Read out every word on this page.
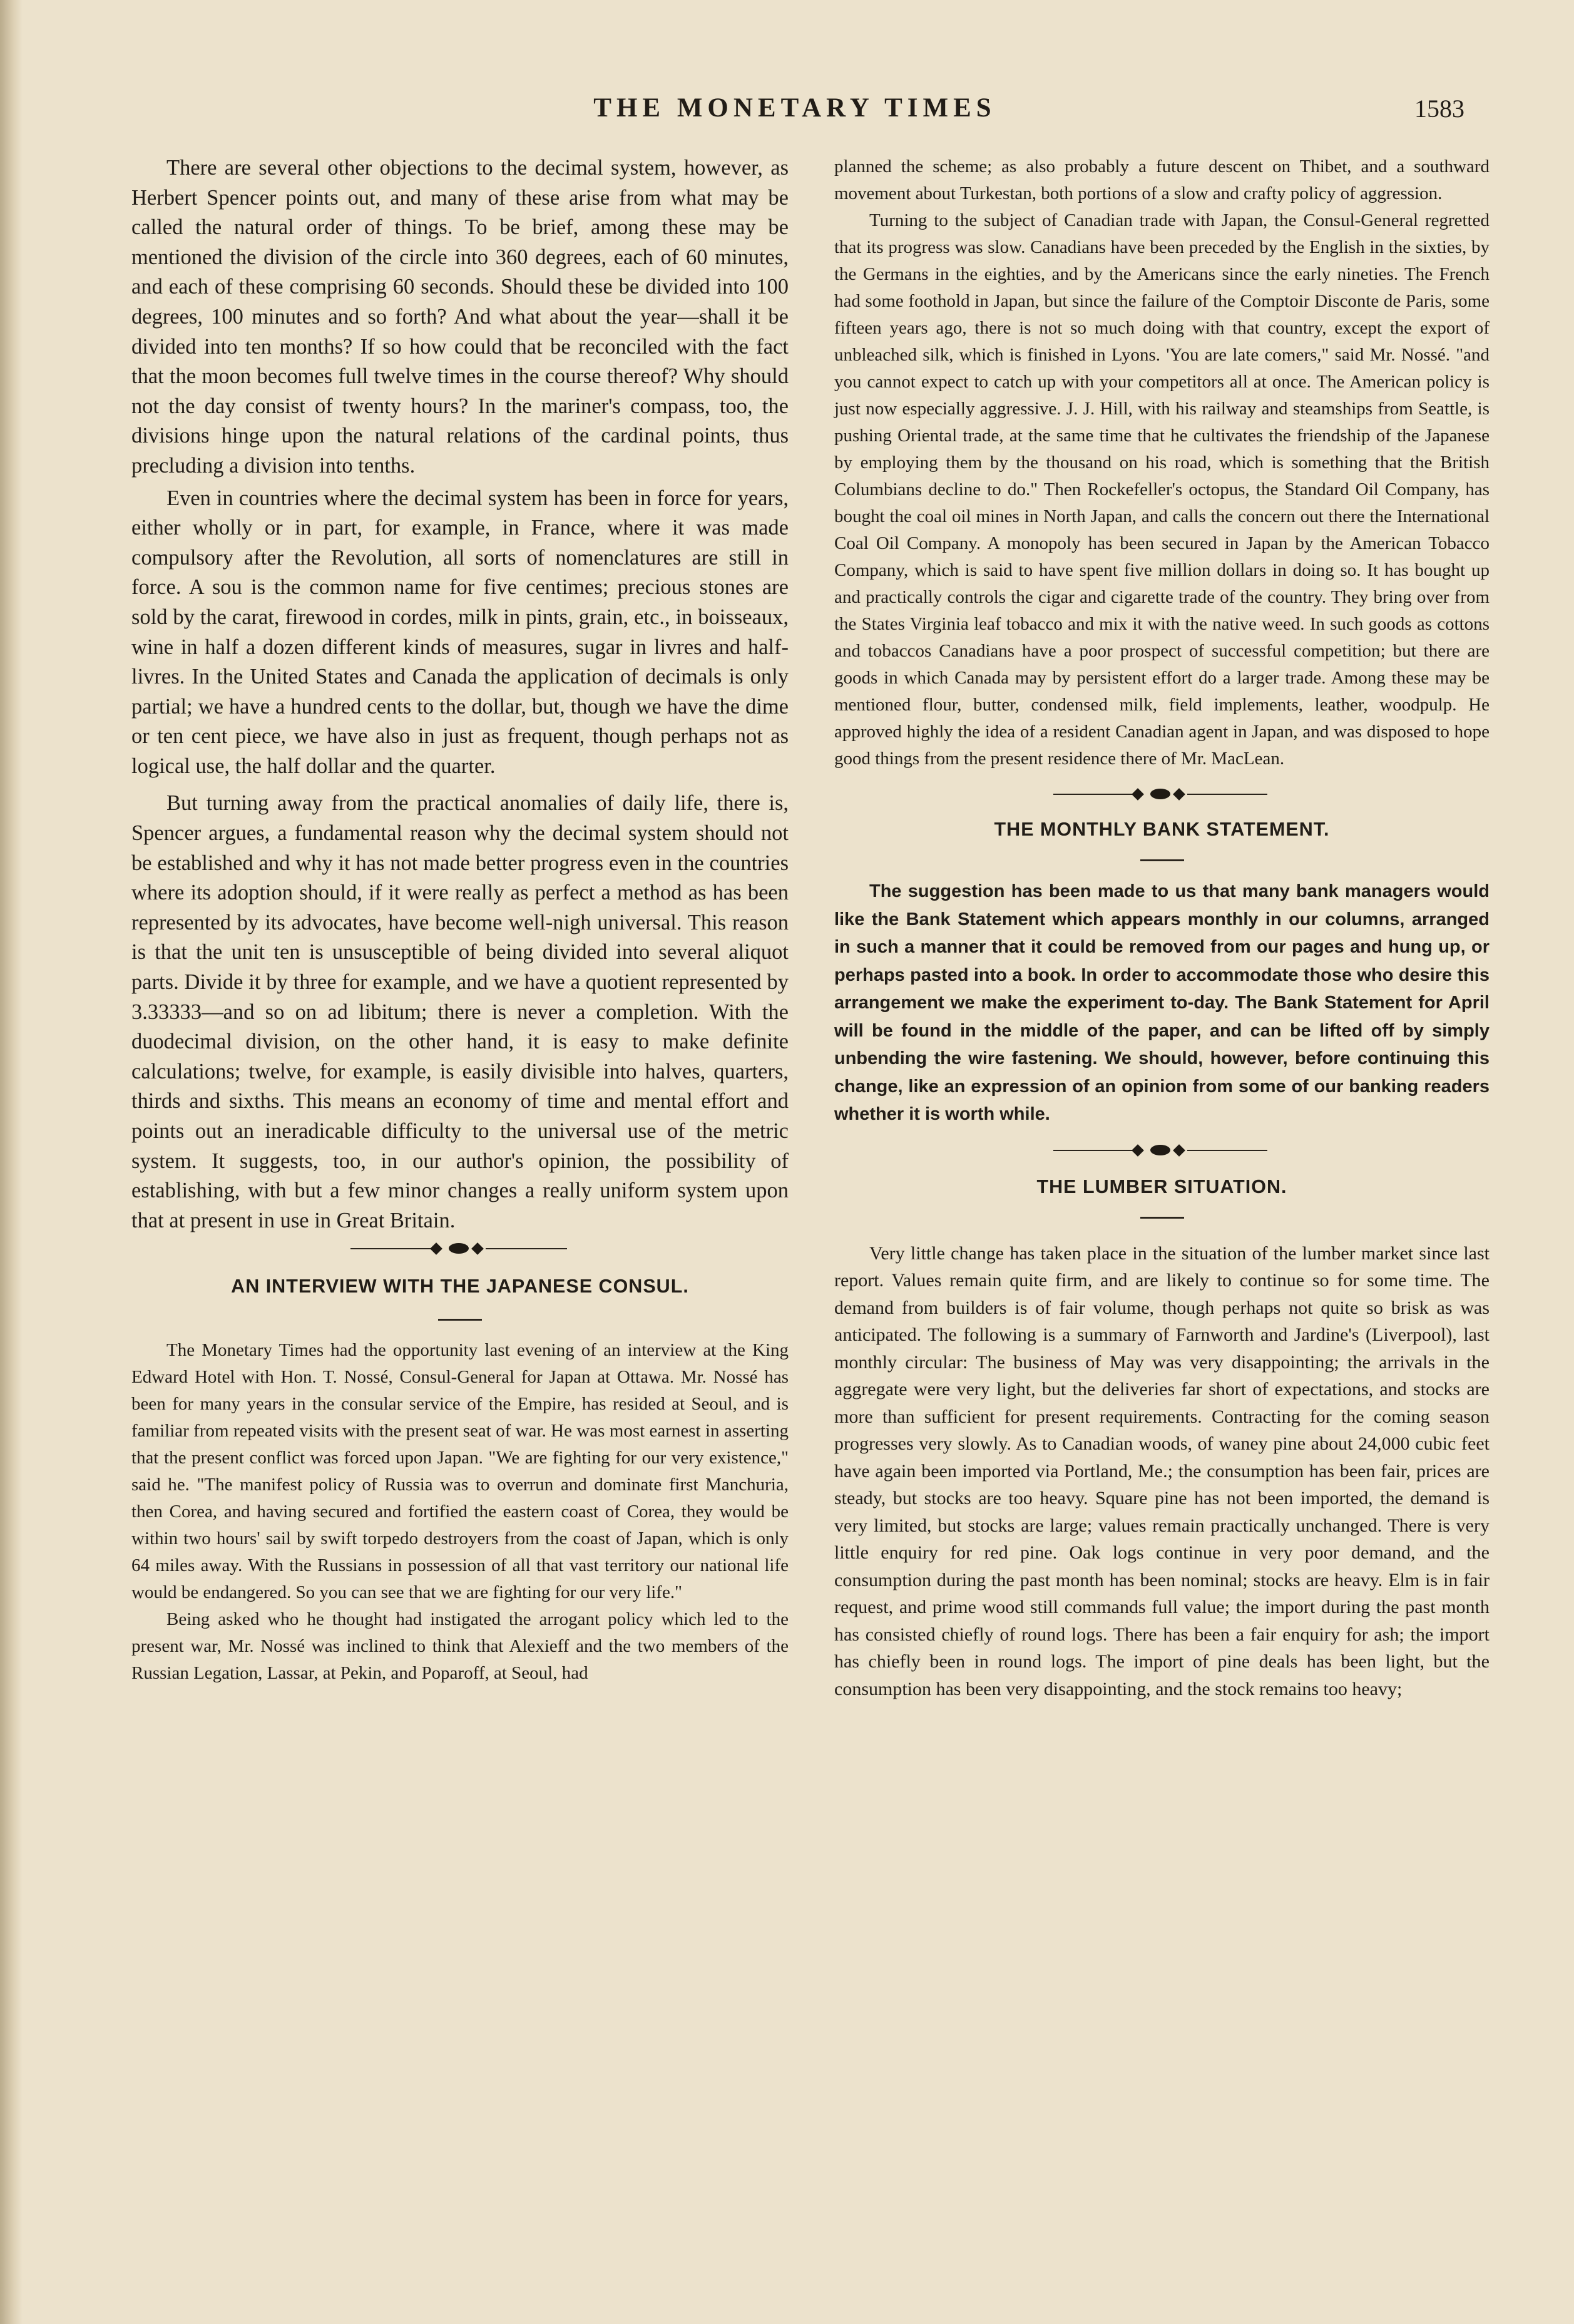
THE MONETARY TIMES	1583

There are several other objections to the decimal system, however, as Herbert Spencer points out, and many of these arise from what may be called the natural order of things. To be brief, among these may be mentioned the division of the circle into 360 degrees, each of 60 minutes, and each of these comprising 60 seconds. Should these be divided into 100 degrees, 100 minutes and so forth? And what about the year—shall it be divided into ten months? If so how could that be reconciled with the fact that the moon becomes full twelve times in the course thereof? Why should not the day consist of twenty hours? In the mariner's compass, too, the divisions hinge upon the natural relations of the cardinal points, thus precluding a division into tenths.

Even in countries where the decimal system has been in force for years, either wholly or in part, for example, in France, where it was made compulsory after the Revolution, all sorts of nomenclatures are still in force. A sou is the common name for five centimes; precious stones are sold by the carat, firewood in cordes, milk in pints, grain, etc., in boisseaux, wine in half a dozen different kinds of measures, sugar in livres and half-livres. In the United States and Canada the application of decimals is only partial; we have a hundred cents to the dollar, but, though we have the dime or ten cent piece, we have also in just as frequent, though perhaps not as logical use, the half dollar and the quarter.

But turning away from the practical anomalies of daily life, there is, Spencer argues, a fundamental reason why the decimal system should not be established and why it has not made better progress even in the countries where its adoption should, if it were really as perfect a method as has been represented by its advocates, have become well-nigh universal. This reason is that the unit ten is unsusceptible of being divided into several aliquot parts. Divide it by three for example, and we have a quotient represented by 3.33333—and so on ad libitum; there is never a completion. With the duodecimal division, on the other hand, it is easy to make definite calculations; twelve, for example, is easily divisible into halves, quarters, thirds and sixths. This means an economy of time and mental effort and points out an ineradicable difficulty to the universal use of the metric system. It suggests, too, in our author's opinion, the possibility of establishing, with but a few minor changes a really uniform system upon that at present in use in Great Britain.

AN INTERVIEW WITH THE JAPANESE CONSUL.

The Monetary Times had the opportunity last evening of an interview at the King Edward Hotel with Hon. T. Nossé, Consul-General for Japan at Ottawa. Mr. Nossé has been for many years in the consular service of the Empire, has resided at Seoul, and is familiar from repeated visits with the present seat of war. He was most earnest in asserting that the present conflict was forced upon Japan. "We are fighting for our very existence," said he. "The manifest policy of Russia was to overrun and dominate first Manchuria, then Corea, and having secured and fortified the eastern coast of Corea, they would be within two hours' sail by swift torpedo destroyers from the coast of Japan, which is only 64 miles away. With the Russians in possession of all that vast territory our national life would be endangered. So you can see that we are fighting for our very life."

Being asked who he thought had instigated the arrogant policy which led to the present war, Mr. Nossé was inclined to think that Alexieff and the two members of the Russian Legation, Lassar, at Pekin, and Poparoff, at Seoul, had

planned the scheme; as also probably a future descent on Thibet, and a southward movement about Turkestan, both portions of a slow and crafty policy of aggression.

Turning to the subject of Canadian trade with Japan, the Consul-General regretted that its progress was slow. Canadians have been preceded by the English in the sixties, by the Germans in the eighties, and by the Americans since the early nineties. The French had some foothold in Japan, but since the failure of the Comptoir Disconte de Paris, some fifteen years ago, there is not so much doing with that country, except the export of unbleached silk, which is finished in Lyons. 'You are late comers," said Mr. Nossé. "and you cannot expect to catch up with your competitors all at once. The American policy is just now especially aggressive. J. J. Hill, with his railway and steamships from Seattle, is pushing Oriental trade, at the same time that he cultivates the friendship of the Japanese by employing them by the thousand on his road, which is something that the British Columbians decline to do." Then Rockefeller's octopus, the Standard Oil Company, has bought the coal oil mines in North Japan, and calls the concern out there the International Coal Oil Company. A monopoly has been secured in Japan by the American Tobacco Company, which is said to have spent five million dollars in doing so. It has bought up and practically controls the cigar and cigarette trade of the country. They bring over from the States Virginia leaf tobacco and mix it with the native weed. In such goods as cottons and tobaccos Canadians have a poor prospect of successful competition; but there are goods in which Canada may by persistent effort do a larger trade. Among these may be mentioned flour, butter, condensed milk, field implements, leather, woodpulp. He approved highly the idea of a resident Canadian agent in Japan, and was disposed to hope good things from the present residence there of Mr. MacLean.

THE MONTHLY BANK STATEMENT.

The suggestion has been made to us that many bank managers would like the Bank Statement which appears monthly in our columns, arranged in such a manner that it could be removed from our pages and hung up, or perhaps pasted into a book. In order to accommodate those who desire this arrangement we make the experiment to-day. The Bank Statement for April will be found in the middle of the paper, and can be lifted off by simply unbending the wire fastening. We should, however, before continuing this change, like an expression of an opinion from some of our banking readers whether it is worth while.

THE LUMBER SITUATION.

Very little change has taken place in the situation of the lumber market since last report. Values remain quite firm, and are likely to continue so for some time. The demand from builders is of fair volume, though perhaps not quite so brisk as was anticipated. The following is a summary of Farnworth and Jardine's (Liverpool), last monthly circular: The business of May was very disappointing; the arrivals in the aggregate were very light, but the deliveries far short of expectations, and stocks are more than sufficient for present requirements. Contracting for the coming season progresses very slowly. As to Canadian woods, of waney pine about 24,000 cubic feet have again been imported via Portland, Me.; the consumption has been fair, prices are steady, but stocks are too heavy. Square pine has not been imported, the demand is very limited, but stocks are large; values remain practically unchanged. There is very little enquiry for red pine. Oak logs continue in very poor demand, and the consumption during the past month has been nominal; stocks are heavy. Elm is in fair request, and prime wood still commands full value; the import during the past month has consisted chiefly of round logs. There has been a fair enquiry for ash; the import has chiefly been in round logs. The import of pine deals has been light, but the consumption has been very disappointing, and the stock remains too heavy;
